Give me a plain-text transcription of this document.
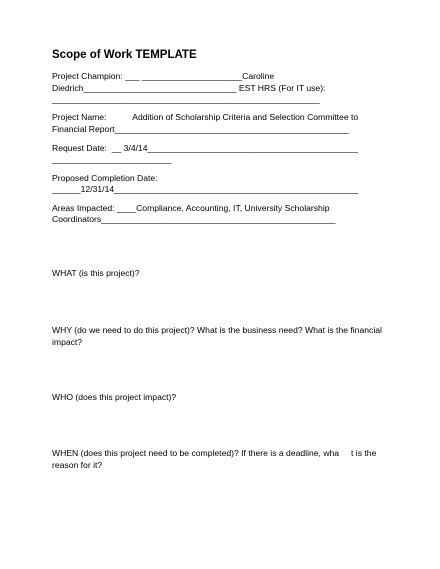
Scope of Work TEMPLATE
Project Champion: ___ _____________________Caroline
Diedrich________________________________ EST HRS (For IT use):
________________________________________________________
Project Name:           Addition of Scholarship Criteria and Selection Committee to
Financial Report_________________________________________________
Request Date:  __ 3/4/14____________________________________________
_________________________
Proposed Completion Date:
______12/31/14___________________________________________________
Areas Impacted: ____Compliance, Accounting, IT, University Scholarship
Coordinators_________________________________________________
WHAT (is this project)?
WHY (do we need to do this project)? What is the business need? What is the financial
impact?
WHO (does this project impact)?
WHEN (does this project need to be completed)? If there is a deadline, wha     t is the
reason for it?
